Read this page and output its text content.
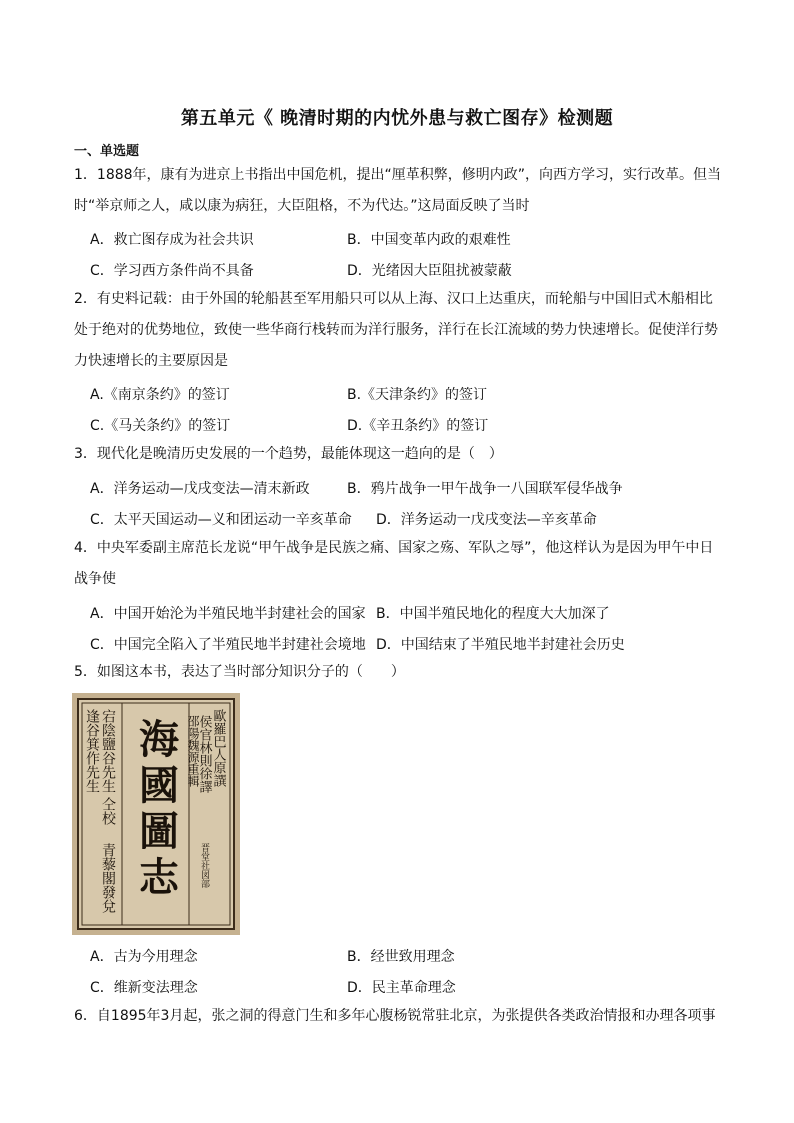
第五单元《 晚清时期的内忧外患与救亡图存》检测题
一、单选题
1．1888年，康有为进京上书指出中国危机，提出“厘革积弊，修明内政”，向西方学习，实行改革。但当时“举京师之人，咸以康为病狂，大臣阻格，不为代达。”这局面反映了当时
A．救亡图存成为社会共识	B．中国变革内政的艰难性
C．学习西方条件尚不具备	D．光绪因大臣阻扰被蒙蔽
2．有史料记载：由于外国的轮船甚至军用船只可以从上海、汉口上达重庆，而轮船与中国旧式木船相比处于绝对的优势地位，致使一些华商行栈转而为洋行服务，洋行在长江流域的势力快速增长。促使洋行势力快速增长的主要原因是
A.《南京条约》的签订	B.《天津条约》的签订
C.《马关条约》的签订	D.《辛丑条约》的签订
3．现代化是晚清历史发展的一个趋势，最能体现这一趋向的是（　）
A．洋务运动—戊戌变法—清末新政	B．鸦片战争一甲午战争一八国联军侵华战争
C．太平天国运动—义和团运动一辛亥革命 D．洋务运动一戊戌变法—辛亥革命
4．中央军委副主席范长龙说“甲午战争是民族之痛、国家之殇、军队之辱”，他这样认为是因为甲午中日战争使
A．中国开始沦为半殖民地半封建社会的国家 B．中国半殖民地化的程度大大加深了
C．中国完全陷入了半殖民地半封建社会境地 D．中国结束了半殖民地半封建社会历史
5．如图这本书，表达了当时部分知识分子的（　　）
海國圖志 歐羅巴人原譔
侯官林則徐譯
邵陽魏源重輯
宕陰鹽谷先生
逢谷箕作先生
仝校
青藜閣發兌	晋堂社図部
A．古为今用理念	B．经世致用理念
C．维新变法理念	D．民主革命理念
6．自1895年3月起，张之洞的得意门生和多年心腹杨锐常驻北京，为张提供各类政治情报和办理各项事
